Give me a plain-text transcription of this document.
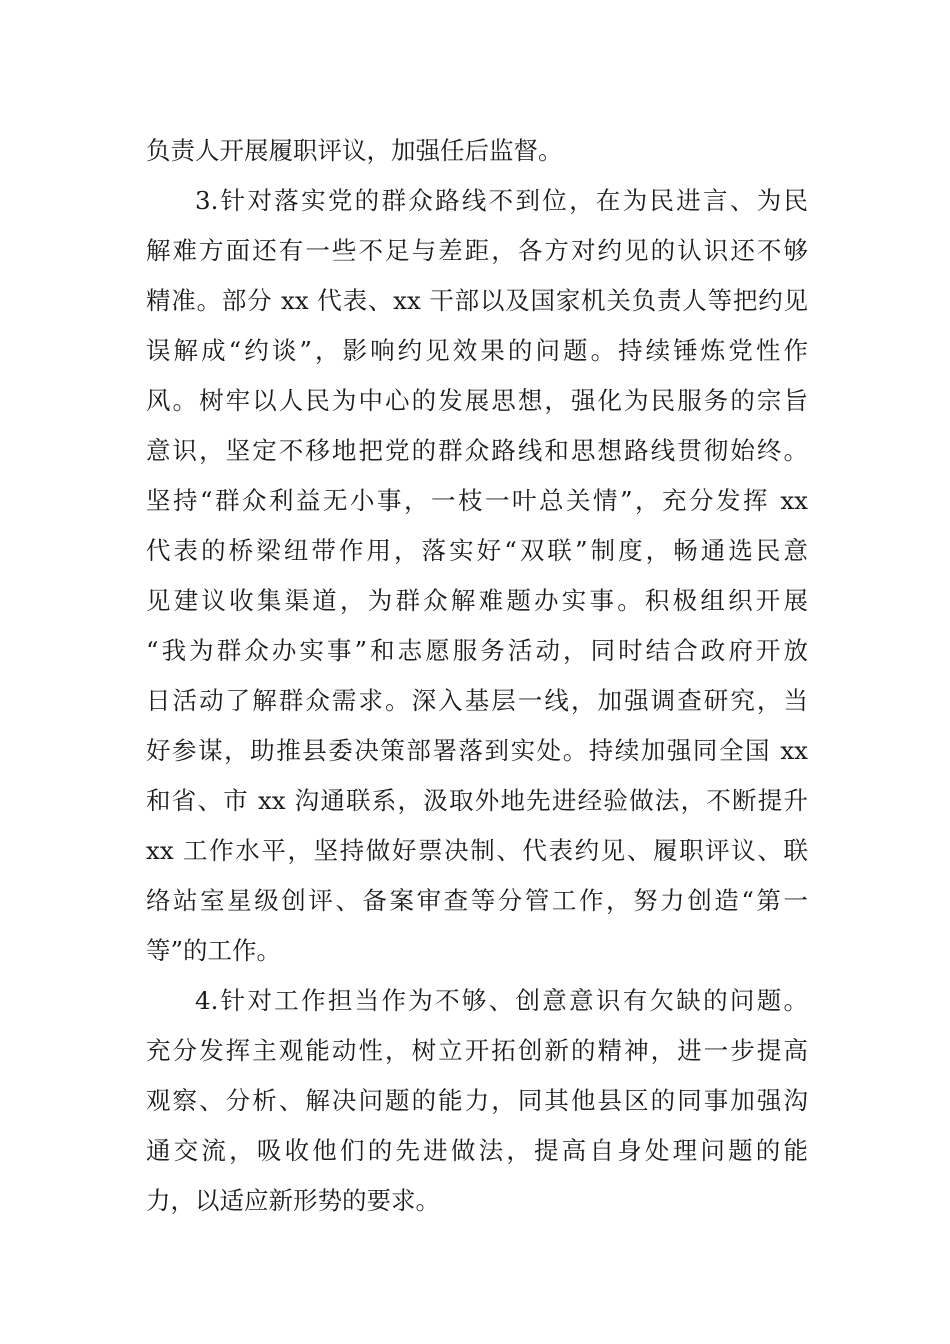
负责人开展履职评议，加强任后监督。
3.针对落实党的群众路线不到位，在为民进言、为民
解难方面还有一些不足与差距，各方对约见的认识还不够
精准。部分 xx 代表、xx 干部以及国家机关负责人等把约见
误解成“约谈”，影响约见效果的问题。持续锤炼党性作
风。树牢以人民为中心的发展思想，强化为民服务的宗旨
意识，坚定不移地把党的群众路线和思想路线贯彻始终。
坚持“群众利益无小事，一枝一叶总关情”，充分发挥 xx
代表的桥梁纽带作用，落实好“双联”制度，畅通选民意
见建议收集渠道，为群众解难题办实事。积极组织开展
“我为群众办实事”和志愿服务活动，同时结合政府开放
日活动了解群众需求。深入基层一线，加强调查研究，当
好参谋，助推县委决策部署落到实处。持续加强同全国 xx
和省、市 xx 沟通联系，汲取外地先进经验做法，不断提升
xx 工作水平，坚持做好票决制、代表约见、履职评议、联
络站室星级创评、备案审查等分管工作，努力创造“第一
等”的工作。
4.针对工作担当作为不够、创意意识有欠缺的问题。
充分发挥主观能动性，树立开拓创新的精神，进一步提高
观察、分析、解决问题的能力，同其他县区的同事加强沟
通交流，吸收他们的先进做法，提高自身处理问题的能
力，以适应新形势的要求。
